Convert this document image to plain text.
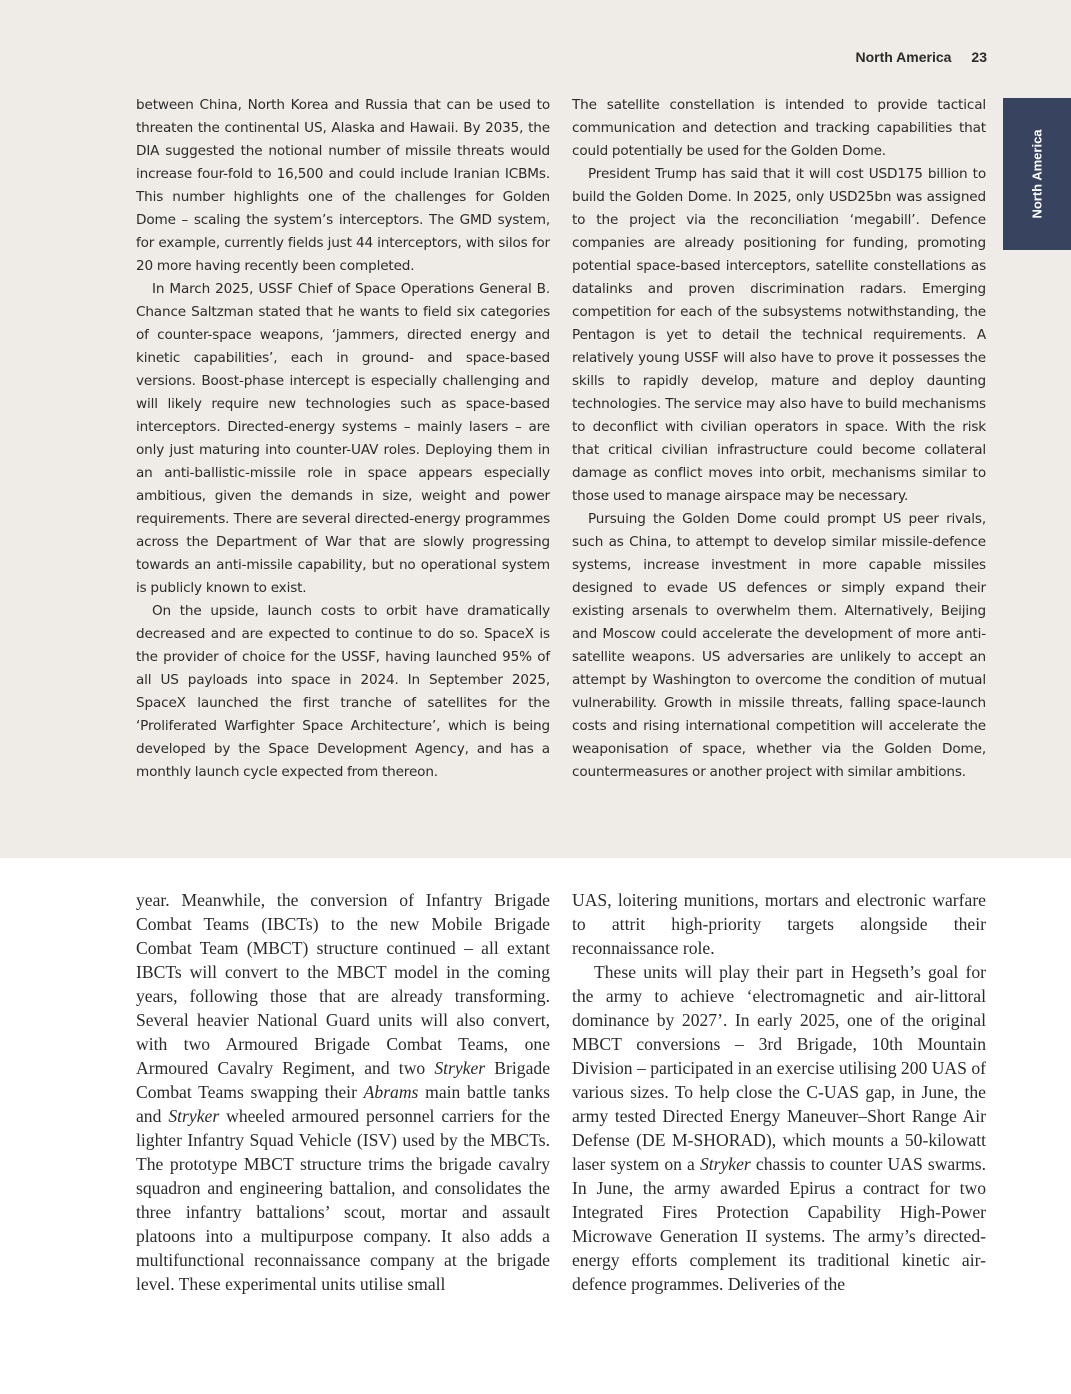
North America 23
North America

between China, North Korea and Russia that can be used to threaten the continental US, Alaska and Hawaii. By 2035, the DIA suggested the notional number of missile threats would increase four-fold to 16,500 and could include Iranian ICBMs. This number highlights one of the challenges for Golden Dome – scaling the system’s interceptors. The GMD system, for example, currently fields just 44 interceptors, with silos for 20 more having recently been completed.

In March 2025, USSF Chief of Space Operations General B. Chance Saltzman stated that he wants to field six categories of counter-space weapons, ‘jammers, directed energy and kinetic capabilities’, each in ground- and space-based versions. Boost-phase intercept is especially challenging and will likely require new technologies such as space-based interceptors. Directed-energy systems – mainly lasers – are only just maturing into counter-UAV roles. Deploying them in an anti-ballistic-missile role in space appears especially ambitious, given the demands in size, weight and power requirements. There are several directed-energy programmes across the Department of War that are slowly progressing towards an anti-missile capability, but no operational system is publicly known to exist.

On the upside, launch costs to orbit have dramatically decreased and are expected to continue to do so. SpaceX is the provider of choice for the USSF, having launched 95% of all US payloads into space in 2024. In September 2025, SpaceX launched the first tranche of satellites for the ‘Proliferated Warfighter Space Architecture’, which is being developed by the Space Development Agency, and has a monthly launch cycle expected from thereon.

The satellite constellation is intended to provide tactical communication and detection and tracking capabilities that could potentially be used for the Golden Dome.

President Trump has said that it will cost USD175 billion to build the Golden Dome. In 2025, only USD25bn was assigned to the project via the reconciliation ‘megabill’. Defence companies are already positioning for funding, promoting potential space-based interceptors, satellite constellations as datalinks and proven discrimination radars. Emerging competition for each of the subsystems notwithstanding, the Pentagon is yet to detail the technical requirements. A relatively young USSF will also have to prove it possesses the skills to rapidly develop, mature and deploy daunting technologies. The service may also have to build mechanisms to deconflict with civilian operators in space. With the risk that critical civilian infrastructure could become collateral damage as conflict moves into orbit, mechanisms similar to those used to manage airspace may be necessary.

Pursuing the Golden Dome could prompt US peer rivals, such as China, to attempt to develop similar missile-defence systems, increase investment in more capable missiles designed to evade US defences or simply expand their existing arsenals to overwhelm them. Alternatively, Beijing and Moscow could accelerate the development of more anti-satellite weapons. US adversaries are unlikely to accept an attempt by Washington to overcome the condition of mutual vulnerability. Growth in missile threats, falling space-launch costs and rising international competition will accelerate the weaponisation of space, whether via the Golden Dome, countermeasures or another project with similar ambitions.

year. Meanwhile, the conversion of Infantry Brigade Combat Teams (IBCTs) to the new Mobile Brigade Combat Team (MBCT) structure continued – all extant IBCTs will convert to the MBCT model in the coming years, following those that are already transforming. Several heavier National Guard units will also convert, with two Armoured Brigade Combat Teams, one Armoured Cavalry Regiment, and two Stryker Brigade Combat Teams swapping their Abrams main battle tanks and Stryker wheeled armoured personnel carriers for the lighter Infantry Squad Vehicle (ISV) used by the MBCTs. The prototype MBCT structure trims the brigade cavalry squadron and engineering battalion, and consolidates the three infantry battalions’ scout, mortar and assault platoons into a multipurpose company. It also adds a multifunctional reconnaissance company at the brigade level. These experimental units utilise small

UAS, loitering munitions, mortars and electronic warfare to attrit high-priority targets alongside their reconnaissance role.

These units will play their part in Hegseth’s goal for the army to achieve ‘electromagnetic and air-littoral dominance by 2027’. In early 2025, one of the original MBCT conversions – 3rd Brigade, 10th Mountain Division – participated in an exercise utilising 200 UAS of various sizes. To help close the C-UAS gap, in June, the army tested Directed Energy Maneuver–Short Range Air Defense (DE M-SHORAD), which mounts a 50-kilowatt laser system on a Stryker chassis to counter UAS swarms. In June, the army awarded Epirus a contract for two Integrated Fires Protection Capability High-Power Microwave Generation II systems. The army’s directed-energy efforts complement its traditional kinetic air-defence programmes. Deliveries of the
